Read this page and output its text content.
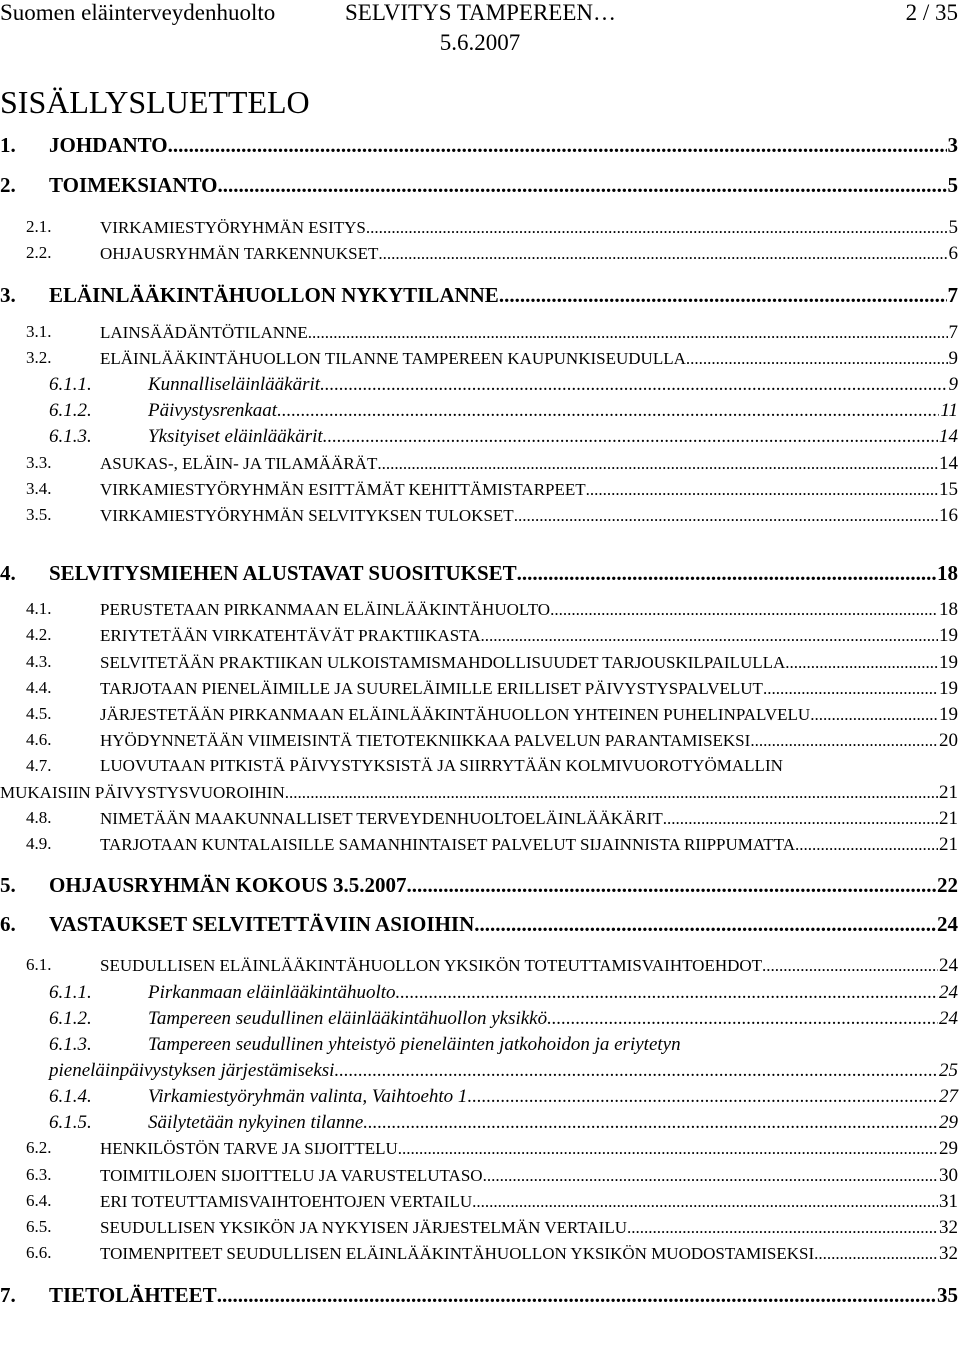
Suomen eläinterveydenhuolto	SELVITYS TAMPEREEN…	2 / 35
5.6.2007
SISÄLLYSLUETTELO
1. JOHDANTO .....	3
2. TOIMEKSIANTO .....	5
2.1.	VIRKAMIESTYÖRYHMÄN ESITYS .....	5
2.2.	OHJAUSRYHMÄN TARKENNUKSET .....	6
3. ELÄINLÄÄKINTÄHUOLLON NYKYTILANNE .....	7
3.1.	LAINSÄÄDÄNTÖTILANNE .....	7
3.2.	ELÄINLÄÄKINTÄHUOLLON TILANNE TAMPEREEN KAUPUNKISEUDULLA .....	9
6.1.1.	Kunnalliseläinlääkärit .....	9
6.1.2.	Päivystysrenkaat .....	11
6.1.3.	Yksityiset eläinlääkärit .....	14
3.3.	ASUKAS-, ELÄIN- JA TILAMÄÄRÄT .....	14
3.4.	VIRKAMIESTYÖRYHMÄN ESITTÄMÄT KEHITTÄMISTARPEET .....	15
3.5.	VIRKAMIESTYÖRYHMÄN SELVITYKSEN TULOKSET .....	16
4. SELVITYSMIEHEN ALUSTAVAT SUOSITUKSET .....	18
4.1.	PERUSTETAAN PIRKANMAAN ELÄINLÄÄKINTÄHUOLTO .....	18
4.2.	ERIYTETÄÄN VIRKATEHTÄVÄT PRAKTIIKASTA .....	19
4.3.	SELVITETÄÄN PRAKTIIKAN ULKOISTAMISMAHDOLLISUUDET TARJOUSKILPAILULLA .....	19
4.4.	TARJOTAAN PIENELÄIMILLE JA SUURELÄIMILLE ERILLISET PÄIVYSTYSPALVELUT .....	19
4.5.	JÄRJESTETÄÄN PIRKANMAAN ELÄINLÄÄKINTÄHUOLLON YHTEINEN PUHELINPALVELU .....	19
4.6.	HYÖDYNNETÄÄN VIIMEISINTÄ TIETOTEKNIIKKAA PALVELUN PARANTAMISEKSI .....	20
4.7.	LUOVUTAAN PITKISTÄ PÄIVYSTYKSISTÄ JA SIIRRYTÄÄN KOLMIVUOROTYÖMALLIN
MUKAISIIN PÄIVYSTYSVUOROIHIN .....	21
4.8.	NIMETÄÄN MAAKUNNALLISET TERVEYDENHUOLTOELÄINLÄÄKÄRIT .....	21
4.9.	TARJOTAAN KUNTALAISILLE SAMANHINTAISET PALVELUT SIJAINNISTA RIIPPUMATTA .....	21
5. OHJAUSRYHMÄN KOKOUS 3.5.2007 .....	22
6. VASTAUKSET SELVITETTÄVIIN ASIOIHIN .....	24
6.1.	SEUDULLISEN ELÄINLÄÄKINTÄHUOLLON YKSIKÖN TOTEUTTAMISVAIHTOEHDOT .....	24
6.1.1.	Pirkanmaan eläinlääkintähuolto .....	24
6.1.2.	Tampereen seudullinen eläinlääkintähuollon yksikkö .....	24
6.1.3.	Tampereen seudullinen yhteistyö pieneläinten jatkohoidon ja eriytetyn
pieneläinpäivystyksen järjestämiseksi .....	25
6.1.4.	Virkamiestyöryhmän valinta, Vaihtoehto 1 .....	27
6.1.5.	Säilytetään nykyinen tilanne. .....	29
6.2.	HENKILÖSTÖN TARVE JA SIJOITTELU .....	29
6.3.	TOIMITILOJEN SIJOITTELU JA VARUSTELUTASO .....	30
6.4.	ERI TOTEUTTAMISVAIHTOEHTOJEN VERTAILU .....	31
6.5.	SEUDULLISEN YKSIKÖN JA NYKYISEN JÄRJESTELMÄN VERTAILU .....	32
6.6.	TOIMENPITEET SEUDULLISEN ELÄINLÄÄKINTÄHUOLLON YKSIKÖN MUODOSTAMISEKSI .....	32
7. TIETOLÄHTEET .....	35
